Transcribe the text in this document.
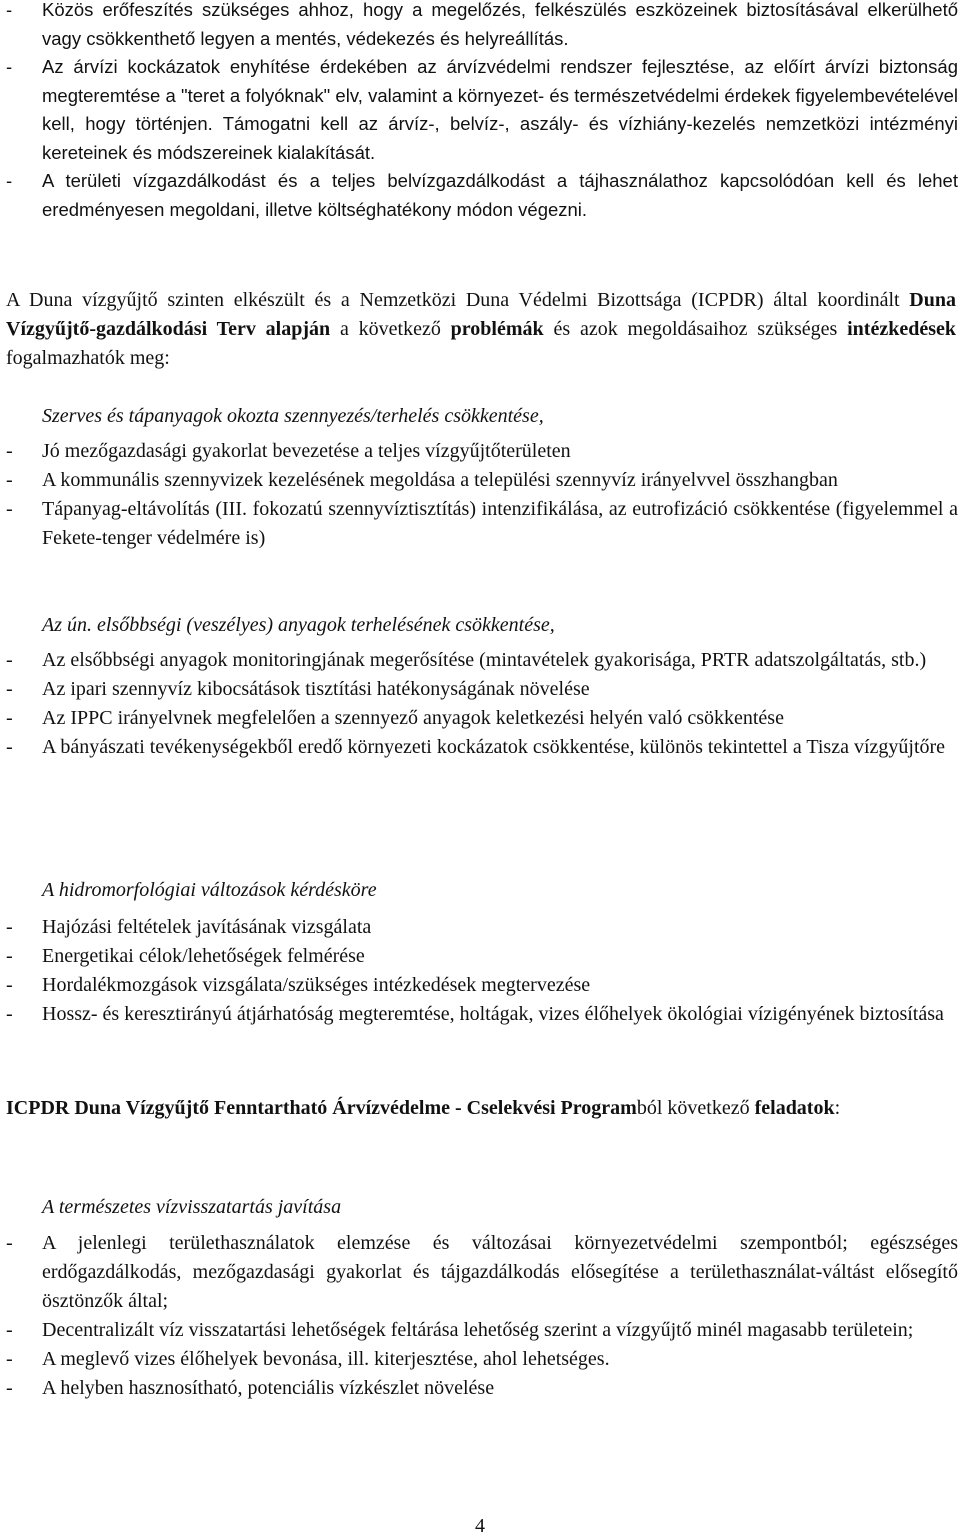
- Közös erőfeszítés szükséges ahhoz, hogy a megelőzés, felkészülés eszközeinek biztosításával elkerülhető vagy csökkenthető legyen a mentés, védekezés és helyreállítás.
- Az árvízi kockázatok enyhítése érdekében az árvízvédelmi rendszer fejlesztése, az előírt árvízi biztonság megteremtése a "teret a folyóknak" elv, valamint a környezet- és természetvédelmi érdekek figyelembevételével kell, hogy történjen. Támogatni kell az árvíz-, belvíz-, aszály- és vízhiány-kezelés nemzetközi intézményi kereteinek és módszereinek kialakítását.
- A területi vízgazdálkodást és a teljes belvízgazdálkodást a tájhasználathoz kapcsolódóan kell és lehet eredményesen megoldani, illetve költséghatékony módon végezni.

A Duna vízgyűjtő szinten elkészült és a Nemzetközi Duna Védelmi Bizottsága (ICPDR) által koordinált Duna Vízgyűjtő-gazdálkodási Terv alapján a következő problémák és azok megoldásaihoz szükséges intézkedések fogalmazhatók meg:

Szerves és tápanyagok okozta szennyezés/terhelés csökkentése,

- Jó mezőgazdasági gyakorlat bevezetése a teljes vízgyűjtőterületen
- A kommunális szennyvizek kezelésének megoldása a települési szennyvíz irányelvvel összhangban
- Tápanyag-eltávolítás (III. fokozatú szennyvíztisztítás) intenzifikálása, az eutrofizáció csökkentése (figyelemmel a Fekete-tenger védelmére is)

Az ún. elsőbbségi (veszélyes) anyagok terhelésének csökkentése,

- Az elsőbbségi anyagok monitoringjának megerősítése (mintavételek gyakorisága, PRTR adatszolgáltatás, stb.)
- Az ipari szennyvíz kibocsátások tisztítási hatékonyságának növelése
- Az IPPC irányelvnek megfelelően a szennyező anyagok keletkezési helyén való csökkentése
- A bányászati tevékenységekből eredő környezeti kockázatok csökkentése, különös tekintettel a Tisza vízgyűjtőre

A hidromorfológiai változások kérdésköre

- Hajózási feltételek javításának vizsgálata
- Energetikai célok/lehetőségek felmérése
- Hordalékmozgások vizsgálata/szükséges intézkedések megtervezése
- Hossz- és keresztirányú átjárhatóság megteremtése, holtágak, vizes élőhelyek ökológiai vízigényének biztosítása

ICPDR Duna Vízgyűjtő Fenntartható Árvízvédelme - Cselekvési Programból következő feladatok:

A természetes vízvisszatartás javítása

- A jelenlegi területhasználatok elemzése és változásai környezetvédelmi szempontból; egészséges erdőgazdálkodás, mezőgazdasági gyakorlat és tájgazdálkodás elősegítése a területhasználat-váltást elősegítő ösztönzők által;
- Decentralizált víz visszatartási lehetőségek feltárása lehetőség szerint a vízgyűjtő minél magasabb területein;
- A meglevő vizes élőhelyek bevonása, ill. kiterjesztése, ahol lehetséges.
- A helyben hasznosítható, potenciális vízkészlet növelése
4
